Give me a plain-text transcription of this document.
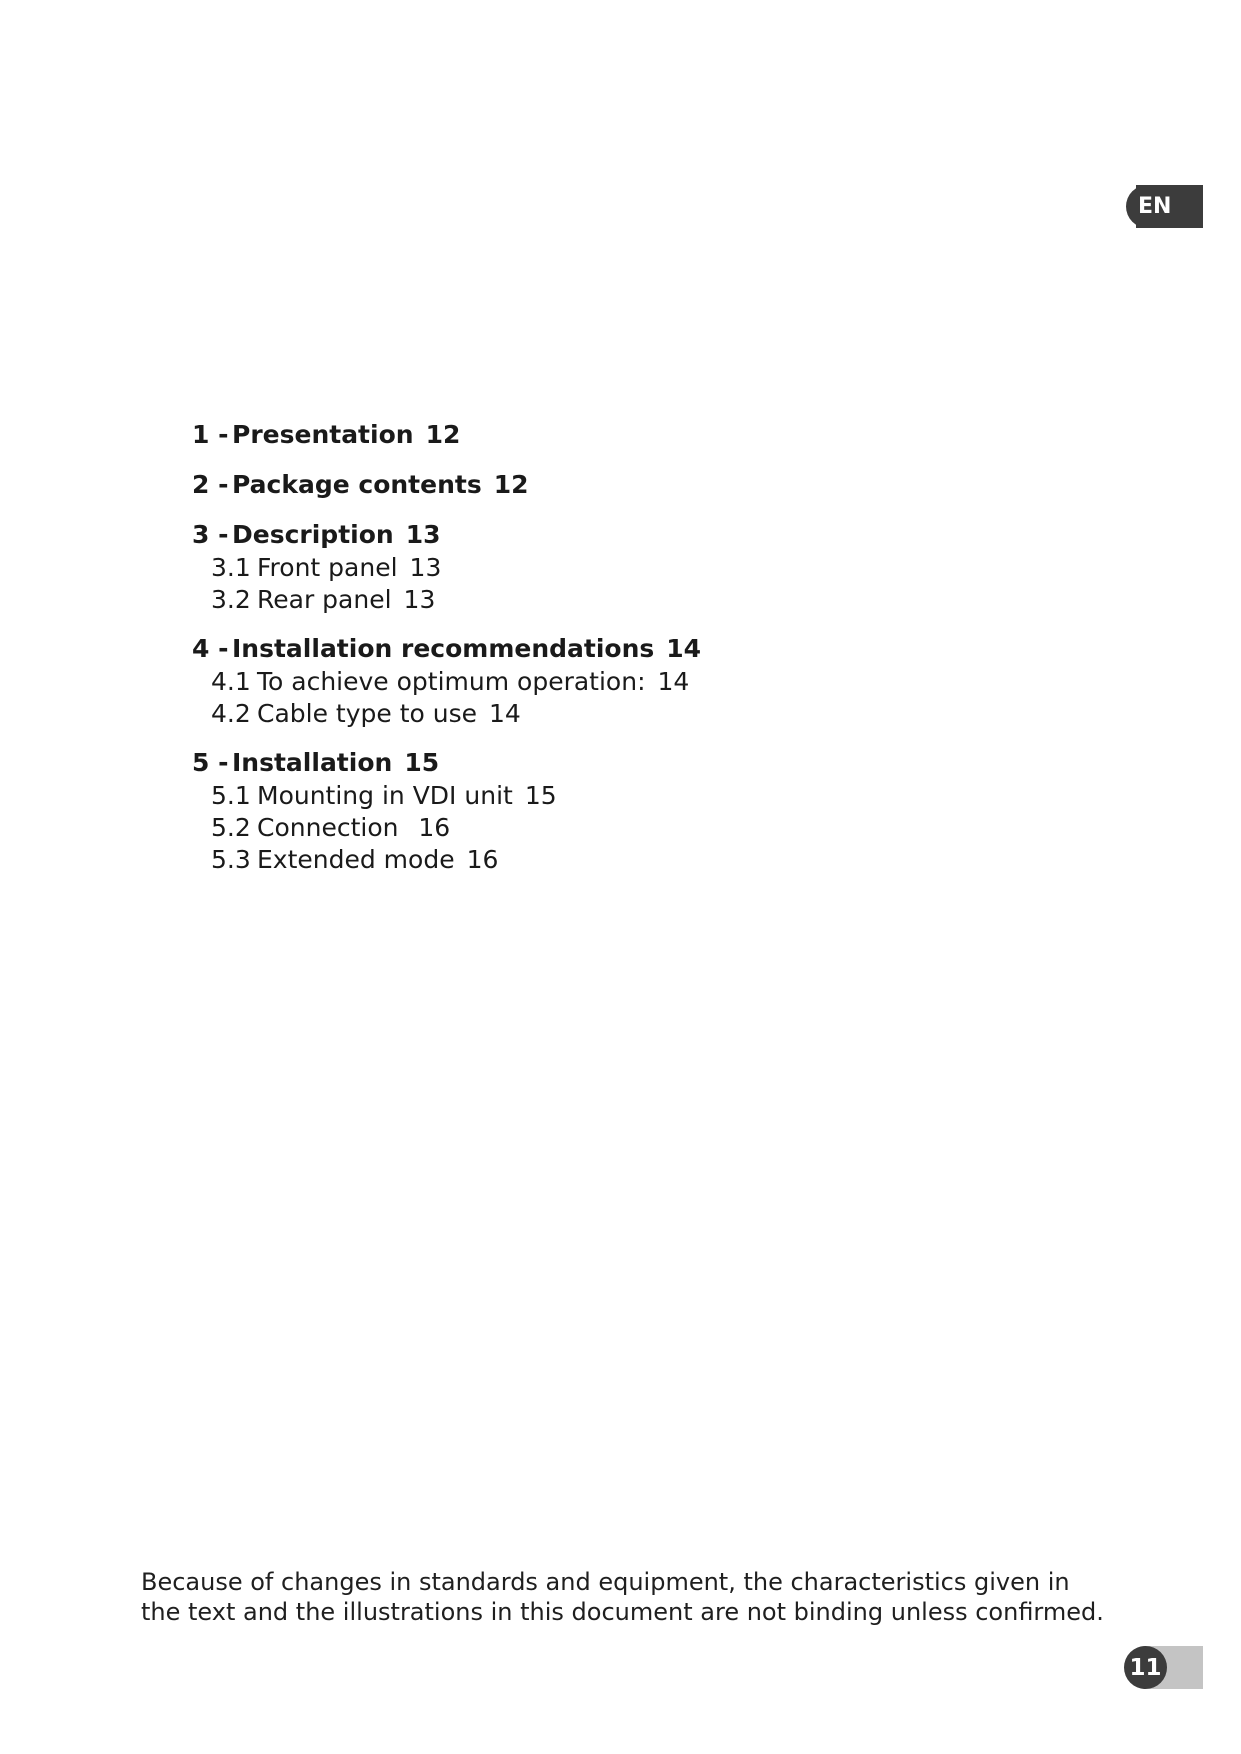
EN
1 - Presentation 12
2 - Package contents 12
3 - Description 13
3.1 Front panel 13
3.2 Rear panel 13
4 - Installation recommendations 14
4.1 To achieve optimum operation: 14
4.2 Cable type to use 14
5 - Installation 15
5.1 Mounting in VDI unit 15
5.2 Connection 16
5.3 Extended mode 16

Because of changes in standards and equipment, the characteristics given in the text and the illustrations in this document are not binding unless confirmed.

11
